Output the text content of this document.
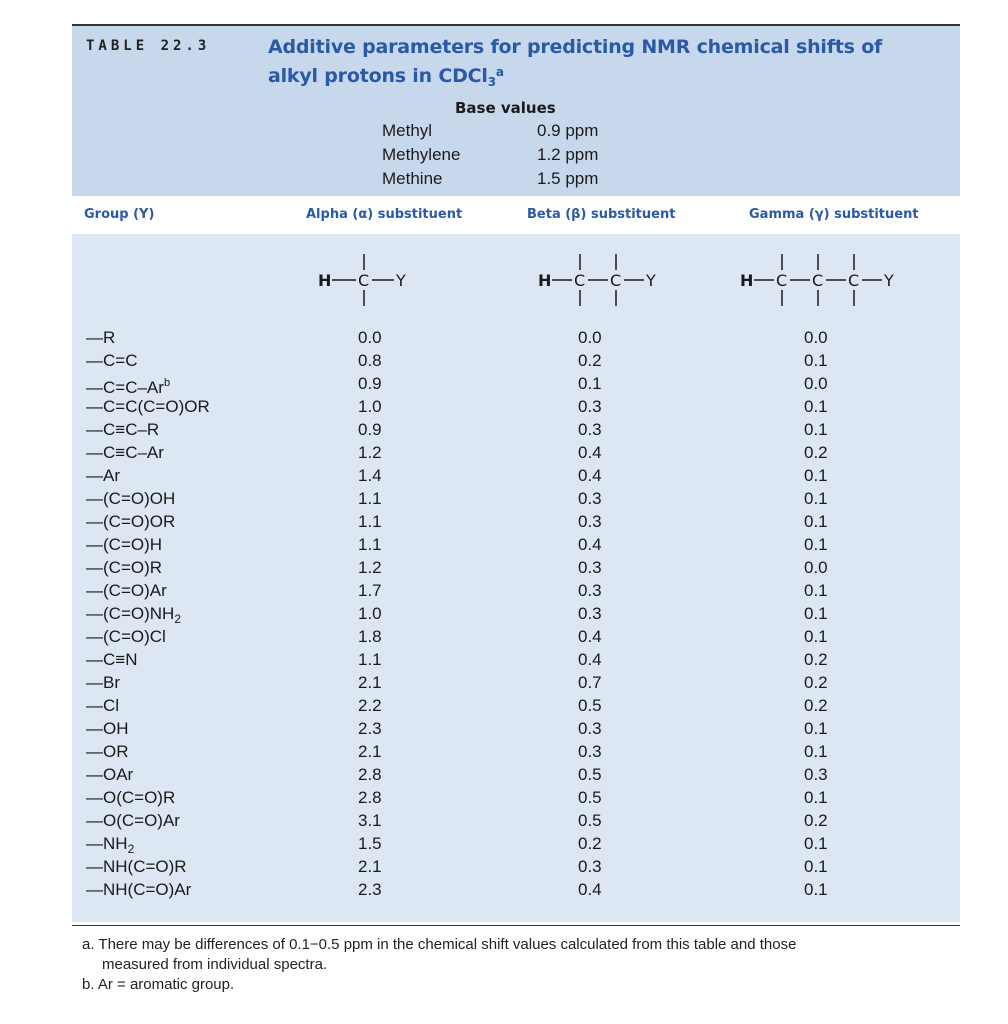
TABLE 22.3	Additive parameters for predicting NMR chemical shifts of alkyl protons in CDCl$_3^a$
Base values
Methyl	0.9 ppm
Methylene	1.2 ppm
Methine	1.5 ppm
Group (Y)	Alpha (α) substituent	Beta (β) substituent	Gamma (γ) substituent
H C Y	H C C Y	H C C C Y
—R	0.0	0.0	0.0
—C=C	0.8	0.2	0.1
$—C=C-Ar^b$	0.9	0.1	0.0
—C=C(C=O)OR	1.0	0.3	0.1
—C≡C–R	0.9	0.3	0.1
—C≡C–Ar	1.2	0.4	0.2
—Ar	1.4	0.4	0.1
—(C=O)OH	1.1	0.3	0.1
—(C=O)OR	1.1	0.3	0.1
—(C=O)H	1.1	0.4	0.1
—(C=O)R	1.2	0.3	0.0
—(C=O)Ar	1.7	0.3	0.1
$—(C=O)NH_2$	1.0	0.3	0.1
—(C=O)Cl	1.8	0.4	0.1
—C≡N	1.1	0.4	0.2
—Br	2.1	0.7	0.2
—Cl	2.2	0.5	0.2
—OH	2.3	0.3	0.1
—OR	2.1	0.3	0.1
—OAr	2.8	0.5	0.3
—O(C=O)R	2.8	0.5	0.1
—O(C=O)Ar	3.1	0.5	0.2
$—NH_2$	1.5	0.2	0.1
—NH(C=O)R	2.1	0.3	0.1
—NH(C=O)Ar	2.3	0.4	0.1
a. There may be differences of 0.1−0.5 ppm in the chemical shift values calculated from this table and those
measured from individual spectra.
b. Ar = aromatic group.
